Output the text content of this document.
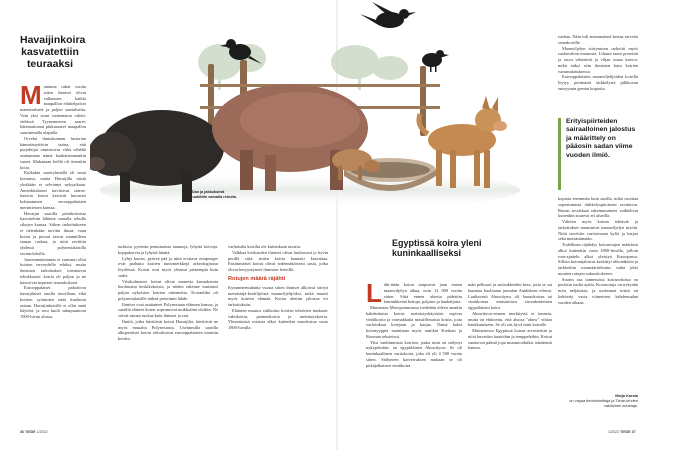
Havaijinkoira
kasvatettiin
teuraaksi
M uutama tuhat vuotta sitten ihmiset olivat vallanneet kaikki maapallon elinkelpoiset manneralueet ja paljon saarialueita. Vain yksi suuri tuntematon odotti: etelässä Tyynenmeren saaret, lukemattomat pikkusaaret maapallon suurimmalla ulapalla.

Orvehä ihmiskunnan historian hämmästyttävin tarina, että purjehtijat onnistuivat vähä vähältä asuttamaan nämä kaukaisimmatkin saaret. Mukanaan heillä oli tietenkin koira.

Kulkakin saariryhmällä oli omat koiransa, mutta Havaijilla niistä yksikään ei selvinnyt nykyaikaan. Amerikkalaiset tarvitsivat taaras-haaviin koirat kestivät huonosti kohtaamisen eurooppalaisten merimiesten kanssa.

Havaijin saarilla pienikokoista kasvatettiin lähinnä samalla rehulla sikojen kanssa. Siihen tarkoitukseen ei tietenkään tarvittu ilmaa, vaan koirat ja possut saivat suunnilleen samaa ruokaa, ja niitä ravittiin yhdessä polynesialaisilla ravintolaloilla.

Juurenmukemmas ei varmasti ollut koirien terveydelle eduksi, mutta ihmisten tarkoitukset toteutuivat tehokkaasti: koiria oli paljon ja ne kasvoivat nopeasti teuraskokoon.

Eurooppalaiset pakottivat havaijilaiset omilla tavoillaan, eikä koirien syöminen enää kuulunut asiaan. Havaijinkoirille ei ollut enää käyttöä, ja rotu kuoli sukupuuttoon 1900-luvun alussa.

Sian ja jakkukoirat ruokittiin samalla rehulla.

turkissa, pyöreän pentumaisia naamoja, lyhyitä koivuja, koppakorvia ja lyhyitä häntiä.

Lyhyt kuono, pyöreä pää ja niitä erottava otsapenger ovat parhaita koirien tuntomerkkejä arkeologisissa löydöissä. Koirat ovat myös yleensä pienempiä kuin sudet.

Viisikulmaiset koirat olivat monesta kuvauksesta huolimatta keskikokoisia, ja niiden rakenne muistutti paljon nykyisten koirien rakennetta. Koiranliha oli polynesialaisille tärkeä proteiinin lähde.

Ihmiset ovat asuttaneet Polynesiaan eläinten kanssa, ja saarilla eläneet koirat sopeutuivat niukkoihin oloihin. Ne söivät samaa ruokaa kuin ihmiset ja siat.

Ilmiöt, jotka hävittivät koirat Havaijilta, hävittivät ne myös muualta Polynesiasta. Useimmilla saarilla alkuperäiset koirat sekoittuivat eurooppalaisten tuomiin koiriin.

varhaisilta koirilta ole kuitenkaan tavattu.

Valkkaa kivikauden ihmiset olivat luultavasti jo hyvin perillä siitä, miten koiria kannatti kasvattaa. Ensimmäiset koirat olivat todennäköisesti susia, jotka olivat kesyyntyneet ihmisten leireillä.

Rotujen määrä räjähti

Kymmenentuhatta vuotta sitten ihmiset alkoivat siirtyä metsästäjä-keräilijöistä maanviljelijöiksi, mikä muutti myös koirien elämää. Koiria alettiin jalostaa eri tarkoituksiin.

Eläinten muutos valikoitui koirien tehtävien mukaan: vahtikoiria, paimenkoiria ja metsästyskoiria. Yhtenäisistä rotuista alkoi kuitenkin muodostua vasta 1800-luvulla.

Egyptissä koira yleni
kuninkaalliseksi
L ähi-itään koirat saapuivat jaan ennen maanviljelyn alkua, noin 12 000 vuotta sitten. Siitä ennen aluetta pidettiin lammikkeinä kettuja, paljasta ja haukaljoita.

Muinaisen Mesopotamiassa tiedetään olleen ainakin kahdenlaisia koiria: metsästyskäyttöön sopivia vinttikoiria ja voimakkaita mastiffimaisia koiria, joita varfoinkaat kotejaan ja karjaa. Nämä kaksi koiratyyppiä mainitaan myös antiikin Kreikan ja Rooman teksteissä.

Yksi vanhimmista koirista, jonka nimi on säilynyt nykypäivään, on egyptiläinen Abuwtiyuw. Se oli kuninkaallinen vartiokoira, joka eli yli 4 500 vuotta sitten. Säilyneen kaiverruksen mukaan se oli pitkäjalkainen vinttikoira.

män pelkuuri ja suitsukkeiden kera, jotta se sai kunniaa kuoltuaan jumalan Anubiksen edessä. Luultavasti Abuwtiyuw oli faaraokoiraa tai vinttikoiraa muistuttava sirorakenteinen egyptiläinen koira.

Abuwtiyuw-nimen merkitystä ei tunneta, mutta on ehdotettu, että aluosa "abuw" viittaa haukkumiseen. Se oli siis hyvä nimi koiralle.

Muinaisessa Egyptissä koiraa arvostettiin ja niitä kuvattiin hautoihin ja temppeleihin. Koirat saattoivat päästä jopa muumioiduiksi isäntiensä kanssa.

ruokaa. Näin tuli ensimmäistä kertaa tarvetta seurakoirille.

Maanviljelyn siirtymisen tarkoitti myös ruokavalion muutosta. Lihasta saatu proteiini ja rasva vähenivät ja viljan osuus kasvoi, mikä näkyi niin ihmisten kuin koirien ruoansulatuksessa.

Eurooppalaisten maanviljelijöiden koirilla löytyy perimästä tärkkelystä pilkkovan entsyymin geenin kopioita.

Erityispiirteiden sairaalloinen jalostus ja määrittely on pääosin sadan viime vuoden ilmiö.

kopiota enemmän kuin susilla, mikä osoittaa sopeutumista tärkkelyspitoiseen ravintoon. Ruoan arvokkaat rakennusaineet vaihtelivat kuitenkin suuresti eri alueilla.

Vähiten myös koiran tehtävät ja tarkoitukset muuttuivat maanviljelyn myötä. Niitä tarvittiin vartioimaan kyliä ja karjaa sekä metsästämään.

Todellinen räjähdys koirarotujen määrässä alkoi kuitenkin vasta 1800-luvulla, jolloin rotu-ajattelu alkoi yleistyä Euroopassa. Silloin koiranjalostus keskittyi ulkonäköön ja tarkkoihin rotumääritelmiin, mikä johti monien rotujen sukusiitokseen.

Suurin osa tunnetuista koiraroduista on peräisin tuolta ajalta. Koirarotuja on nykyään noin neljäsataa, ja useimmat niistä on kehitetty vasta viimeisten kahdensadan vuoden aikana.

Maija Karala
on vapaa tiedetoimittaja ja Tiede-lehden vakituinen avustaja.
36 TIEDE 1/2022	1/2022 TIEDE 37
